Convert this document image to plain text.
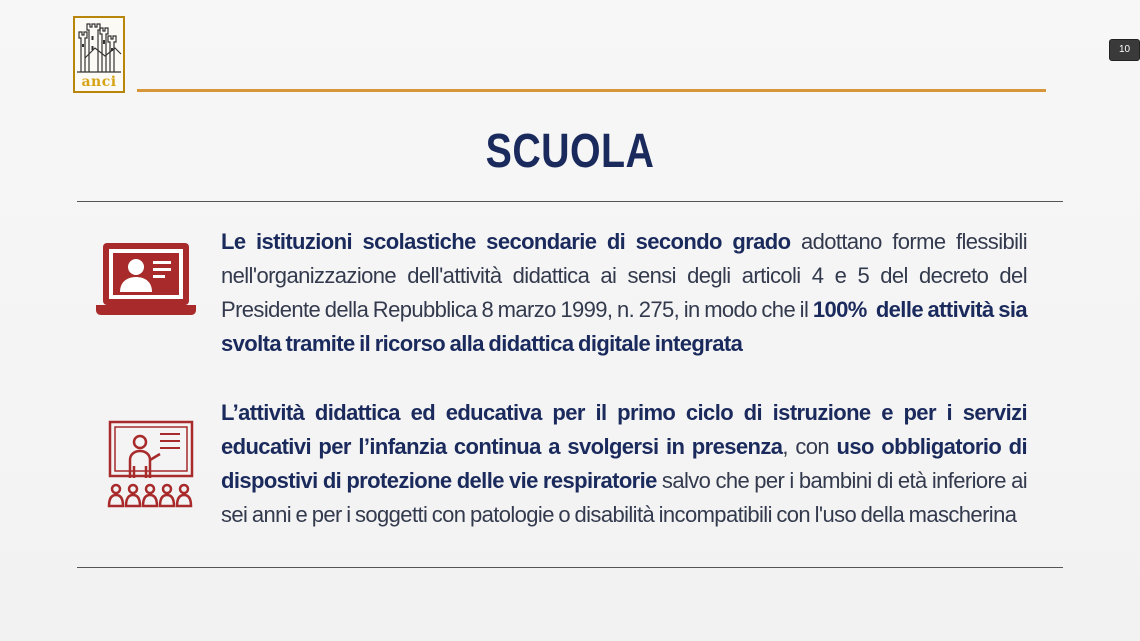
anci
10
SCUOLA

Le istituzioni scolastiche secondarie di secondo grado adottano forme flessibili nell'organizzazione dell'attività didattica ai sensi degli articoli 4 e 5 del decreto del Presidente della Repubblica 8 marzo 1999, n. 275, in modo che il 100%  delle attività sia svolta tramite il ricorso alla didattica digitale integrata

L’attività didattica ed educativa per il primo ciclo di istruzione e per i servizi educativi per l’infanzia continua a svolgersi in presenza, con uso obbligatorio di dispostivi di protezione delle vie respiratorie salvo che per i bambini di età inferiore ai sei anni e per i soggetti con patologie o disabilità incompatibili con l'uso della mascherina
